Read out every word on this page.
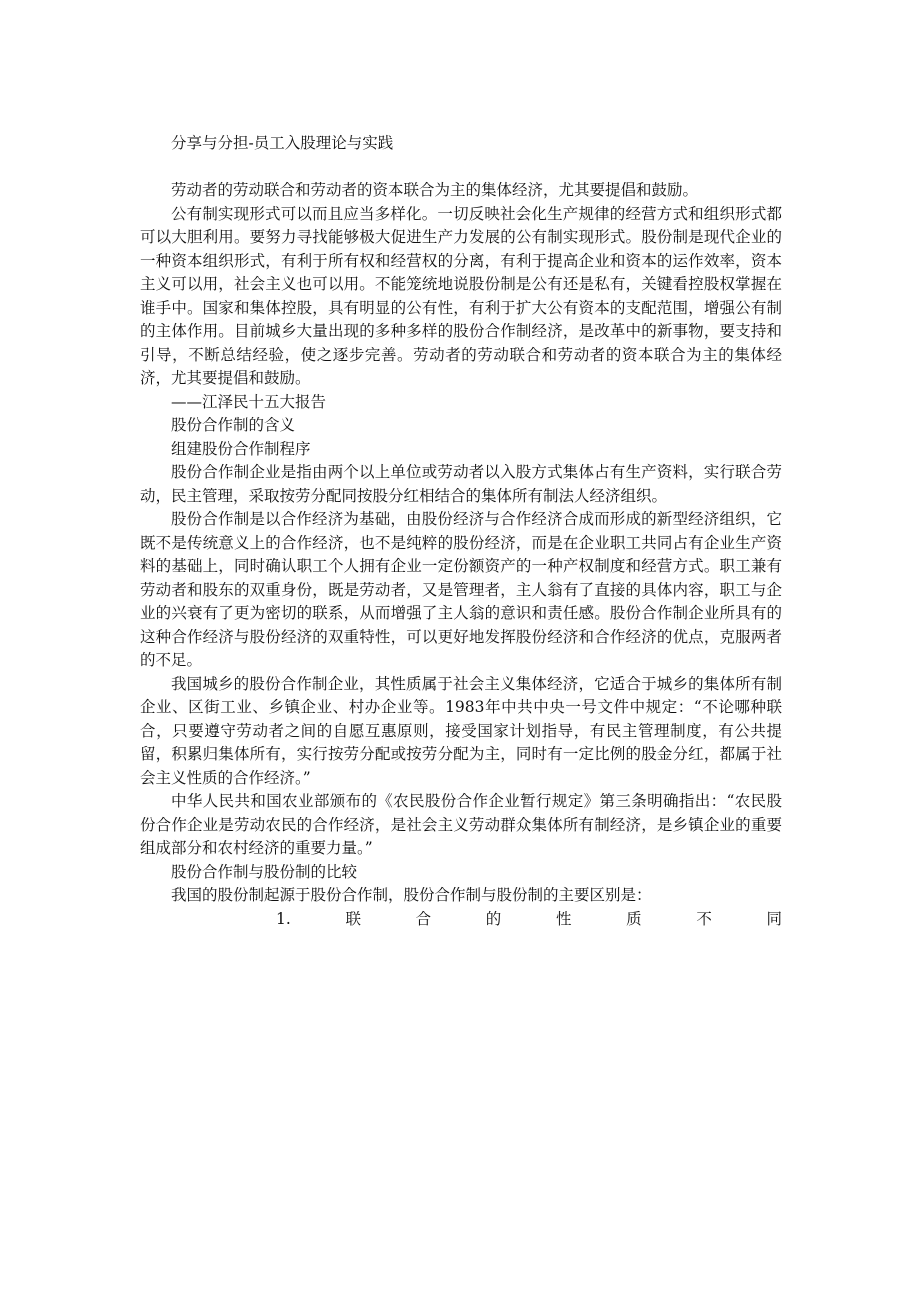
分享与分担-员工入股理论与实践

劳动者的劳动联合和劳动者的资本联合为主的集体经济，尤其要提倡和鼓励。

公有制实现形式可以而且应当多样化。一切反映社会化生产规律的经营方式和组织形式都可以大胆利用。要努力寻找能够极大促进生产力发展的公有制实现形式。股份制是现代企业的一种资本组织形式，有利于所有权和经营权的分离，有利于提高企业和资本的运作效率，资本主义可以用，社会主义也可以用。不能笼统地说股份制是公有还是私有，关键看控股权掌握在谁手中。国家和集体控股，具有明显的公有性，有利于扩大公有资本的支配范围，增强公有制的主体作用。目前城乡大量出现的多种多样的股份合作制经济，是改革中的新事物，要支持和引导，不断总结经验，使之逐步完善。劳动者的劳动联合和劳动者的资本联合为主的集体经济，尤其要提倡和鼓励。

——江泽民十五大报告

股份合作制的含义

组建股份合作制程序

股份合作制企业是指由两个以上单位或劳动者以入股方式集体占有生产资料，实行联合劳动，民主管理，采取按劳分配同按股分红相结合的集体所有制法人经济组织。

股份合作制是以合作经济为基础，由股份经济与合作经济合成而形成的新型经济组织，它既不是传统意义上的合作经济，也不是纯粹的股份经济，而是在企业职工共同占有企业生产资料的基础上，同时确认职工个人拥有企业一定份额资产的一种产权制度和经营方式。职工兼有劳动者和股东的双重身份，既是劳动者，又是管理者，主人翁有了直接的具体内容，职工与企业的兴衰有了更为密切的联系，从而增强了主人翁的意识和责任感。股份合作制企业所具有的这种合作经济与股份经济的双重特性，可以更好地发挥股份经济和合作经济的优点，克服两者的不足。

我国城乡的股份合作制企业，其性质属于社会主义集体经济，它适合于城乡的集体所有制企业、区街工业、乡镇企业、村办企业等。1983年中共中央一号文件中规定：“不论哪种联合，只要遵守劳动者之间的自愿互惠原则，接受国家计划指导，有民主管理制度，有公共提留，积累归集体所有，实行按劳分配或按劳分配为主，同时有一定比例的股金分红，都属于社会主义性质的合作经济。”

中华人民共和国农业部颁布的《农民股份合作企业暂行规定》第三条明确指出：“农民股份合作企业是劳动农民的合作经济，是社会主义劳动群众集体所有制经济，是乡镇企业的重要组成部分和农村经济的重要力量。”

股份合作制与股份制的比较

我国的股份制起源于股份合作制，股份合作制与股份制的主要区别是：

1.	联	合	的	性	质	不	同
